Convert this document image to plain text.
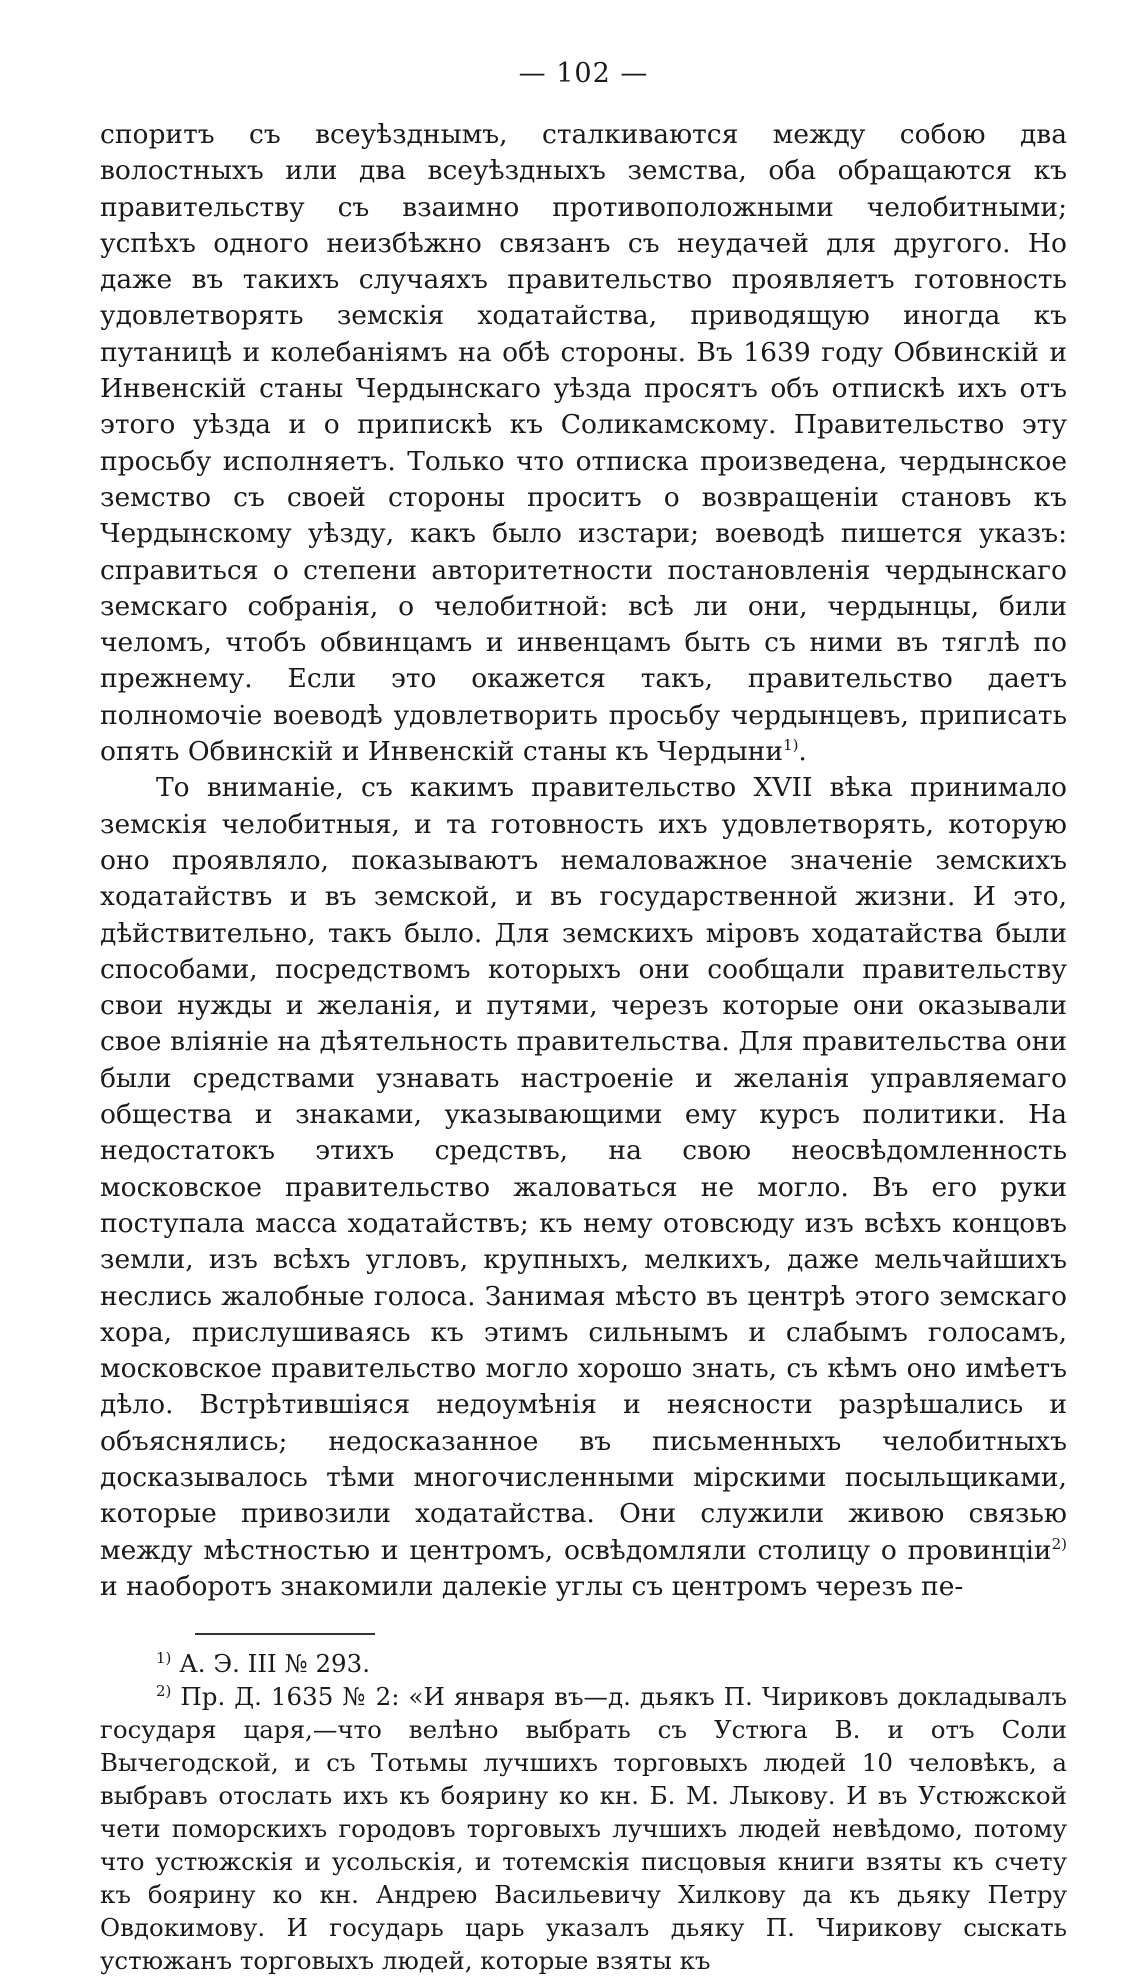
— 102 —

споритъ съ всеуѣзднымъ, сталкиваются между собою два волостныхъ или два всеуѣздныхъ земства, оба обращаются къ правительству съ взаимно противоположными челобитными; успѣхъ одного неизбѣжно связанъ съ неудачей для другого. Но даже въ такихъ случаяхъ правительство проявляетъ готовность удовлетворять земскія ходатайства, приводящую иногда къ путаницѣ и колебаніямъ на обѣ стороны. Въ 1639 году Обвинскій и Инвенскій станы Чердынскаго уѣзда просятъ объ отпискѣ ихъ отъ этого уѣзда и о припискѣ къ Соликамскому. Правительство эту просьбу исполняетъ. Только что отписка произведена, чердынское земство съ своей стороны проситъ о возвращеніи становъ къ Чердынскому уѣзду, какъ было изстари; воеводѣ пишется указъ: справиться о степени авторитетности постановленія чердынскаго земскаго собранія, о челобитной: всѣ ли они, чердынцы, били челомъ, чтобъ обвинцамъ и инвенцамъ быть съ ними въ тяглѣ по прежнему. Если это окажется такъ, правительство даетъ полномочіе воеводѣ удовлетворить просьбу чердынцевъ, приписать опять Обвинскій и Инвенскій станы къ Чердыни$^{1)}$.

То вниманіе, съ какимъ правительство XVII вѣка принимало земскія челобитныя, и та готовность ихъ удовлетворять, которую оно проявляло, показываютъ немаловажное значеніе земскихъ ходатайствъ и въ земской, и въ государственной жизни. И это, дѣйствительно, такъ было. Для земскихъ міровъ ходатайства были способами, посредствомъ которыхъ они сообщали правительству свои нужды и желанія, и путями, черезъ которые они оказывали свое вліяніе на дѣятельность правительства. Для правительства они были средствами узнавать настроеніе и желанія управляемаго общества и знаками, указывающими ему курсъ политики. На недостатокъ этихъ средствъ, на свою неосвѣдомленность московское правительство жаловаться не могло. Въ его руки поступала масса ходатайствъ; къ нему отовсюду изъ всѣхъ концовъ земли, изъ всѣхъ угловъ, крупныхъ, мелкихъ, даже мельчайшихъ неслись жалобные голоса. Занимая мѣсто въ центрѣ этого земскаго хора, прислушиваясь къ этимъ сильнымъ и слабымъ голосамъ, московское правительство могло хорошо знать, съ кѣмъ оно имѣетъ дѣло. Встрѣтившіяся недоумѣнія и неясности разрѣшались и объяснялись; недосказанное въ письменныхъ челобитныхъ досказывалось тѣми многочисленными мірскими посыльщиками, которые привозили ходатайства. Они служили живою связью между мѣстностью и центромъ, освѣдомляли столицу о провинціи$^{2)}$ и наоборотъ знакомили далекіе углы съ центромъ черезъ пе-

$^{1)}$ А. Э. III № 293.

$^{2)}$ Пр. Д. 1635 № 2: «И января въ—д. дьякъ П. Чириковъ докладывалъ государя царя,—что велѣно выбрать съ Устюга В. и отъ Соли Вычегодской, и съ Тотьмы лучшихъ торговыхъ людей 10 человѣкъ, а выбравъ отослать ихъ къ боярину ко кн. Б. М. Лыкову. И въ Устюжской чети поморскихъ городовъ торговыхъ лучшихъ людей невѣдомо, потому что устюжскія и усольскія, и тотемскія писцовыя книги взяты къ счету къ боярину ко кн. Андрею Васильевичу Хилкову да къ дьяку Петру Овдокимову. И государь царь указалъ дьяку П. Чирикову сыскать устюжанъ торговыхъ людей, которые взяты къ
